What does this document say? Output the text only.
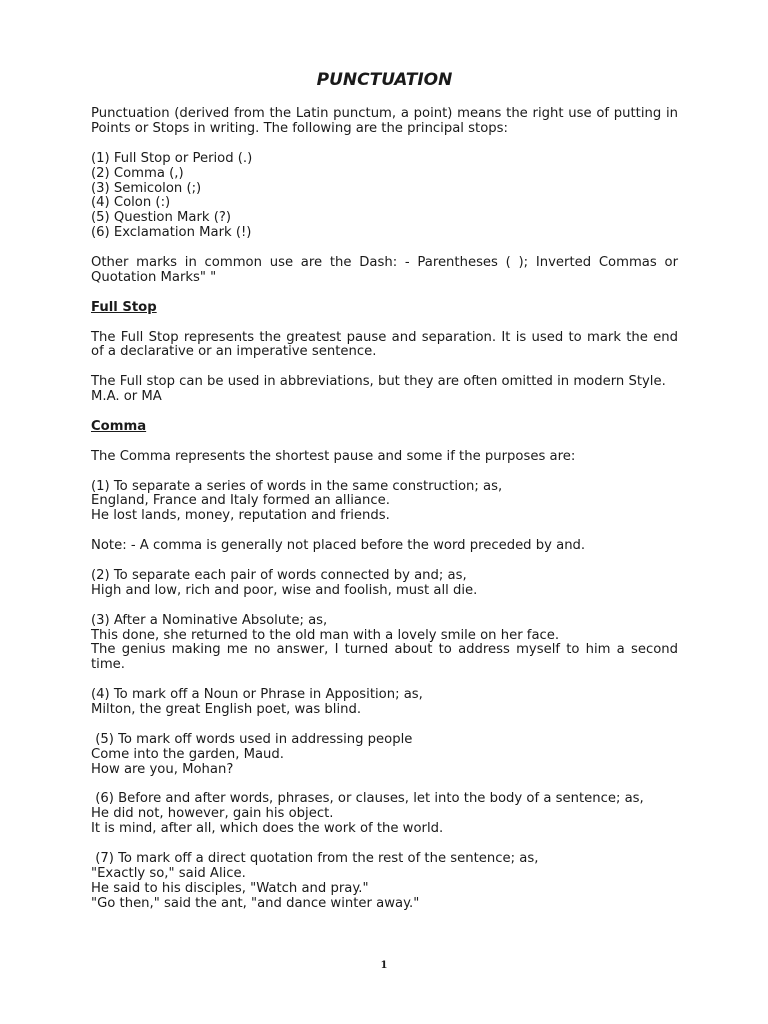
PUNCTUATION

Punctuation (derived from the Latin punctum, a point) means the right use of putting in Points or Stops in writing. The following are the principal stops:

(1) Full Stop or Period (.)
(2) Comma (,)
(3) Semicolon (;)
(4) Colon (:)
(5) Question Mark (?)
(6) Exclamation Mark (!)

Other marks in common use are the Dash: - Parentheses ( ); Inverted Commas or Quotation Marks" "

Full Stop

The Full Stop represents the greatest pause and separation. It is used to mark the end of a declarative or an imperative sentence.

The Full stop can be used in abbreviations, but they are often omitted in modern Style.
M.A. or MA

Comma

The Comma represents the shortest pause and some if the purposes are:

(1) To separate a series of words in the same construction; as,
England, France and Italy formed an alliance.
He lost lands, money, reputation and friends.

Note: - A comma is generally not placed before the word preceded by and.

(2) To separate each pair of words connected by and; as,
High and low, rich and poor, wise and foolish, must all die.

(3) After a Nominative Absolute; as,
This done, she returned to the old man with a lovely smile on her face.
The genius making me no answer, I turned about to address myself to him a second time.

(4) To mark off a Noun or Phrase in Apposition; as,
Milton, the great English poet, was blind.

(5) To mark off words used in addressing people
Come into the garden, Maud.
How are you, Mohan?

(6) Before and after words, phrases, or clauses, let into the body of a sentence; as,
He did not, however, gain his object.
It is mind, after all, which does the work of the world.

(7) To mark off a direct quotation from the rest of the sentence; as,
"Exactly so," said Alice.
He said to his disciples, "Watch and pray."
"Go then," said the ant, "and dance winter away."

1
